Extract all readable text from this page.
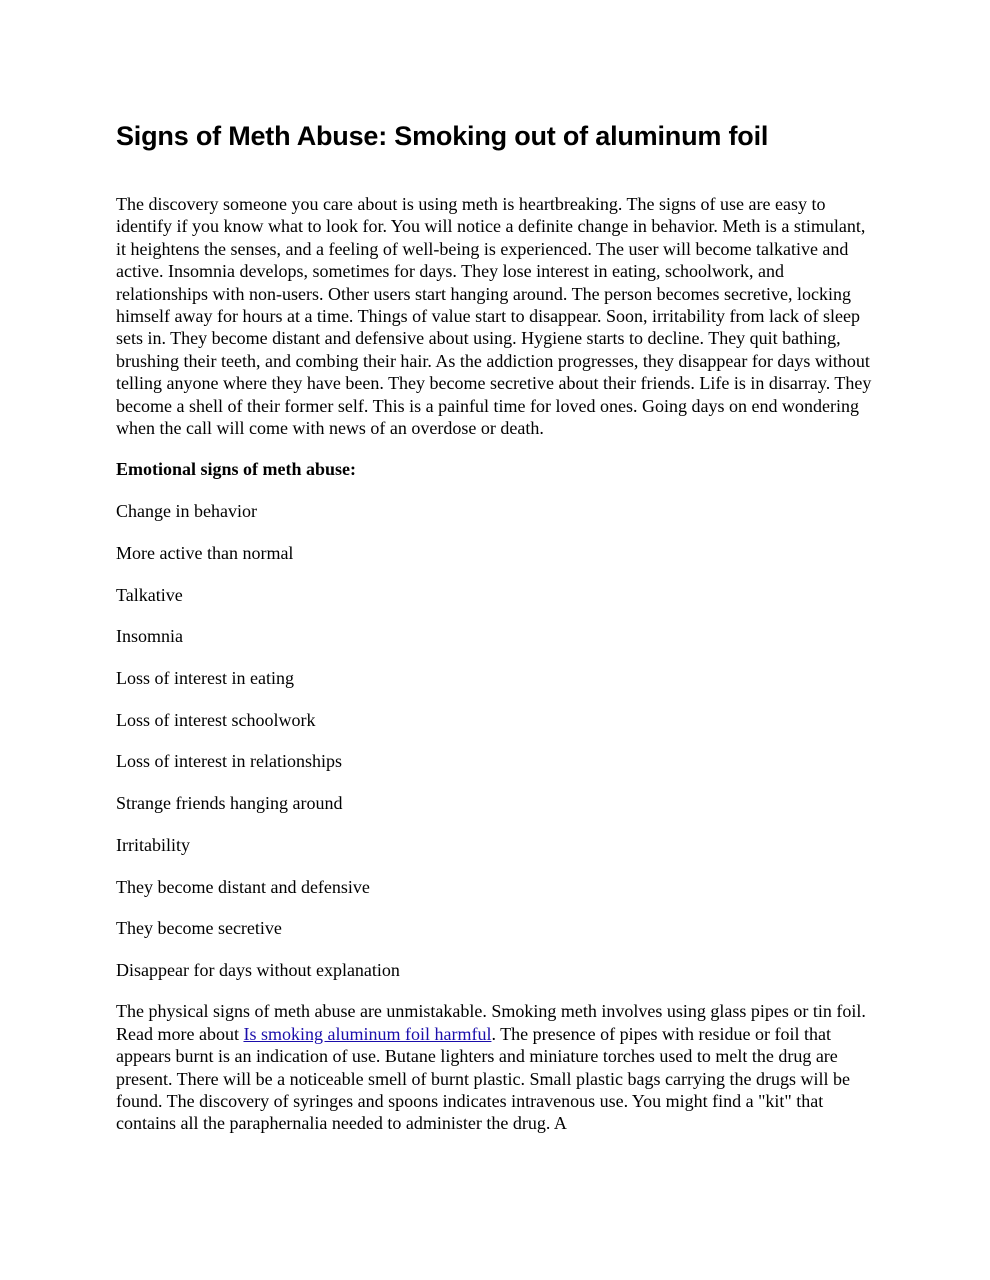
Signs of Meth Abuse: Smoking out of aluminum foil

The discovery someone you care about is using meth is heartbreaking. The signs of use are easy to identify if you know what to look for. You will notice a definite change in behavior. Meth is a stimulant, it heightens the senses, and a feeling of well-being is experienced. The user will become talkative and active. Insomnia develops, sometimes for days. They lose interest in eating, schoolwork, and relationships with non-users. Other users start hanging around. The person becomes secretive, locking himself away for hours at a time. Things of value start to disappear. Soon, irritability from lack of sleep sets in. They become distant and defensive about using. Hygiene starts to decline. They quit bathing, brushing their teeth, and combing their hair. As the addiction progresses, they disappear for days without telling anyone where they have been. They become secretive about their friends. Life is in disarray. They become a shell of their former self. This is a painful time for loved ones. Going days on end wondering when the call will come with news of an overdose or death.

Emotional signs of meth abuse:

Change in behavior
More active than normal
Talkative
Insomnia
Loss of interest in eating
Loss of interest schoolwork
Loss of interest in relationships
Strange friends hanging around
Irritability
They become distant and defensive
They become secretive
Disappear for days without explanation

The physical signs of meth abuse are unmistakable. Smoking meth involves using glass pipes or tin foil. Read more about Is smoking aluminum foil harmful. The presence of pipes with residue or foil that appears burnt is an indication of use. Butane lighters and miniature torches used to melt the drug are present. There will be a noticeable smell of burnt plastic. Small plastic bags carrying the drugs will be found. The discovery of syringes and spoons indicates intravenous use. You might find a "kit" that contains all the paraphernalia needed to administer the drug. A
